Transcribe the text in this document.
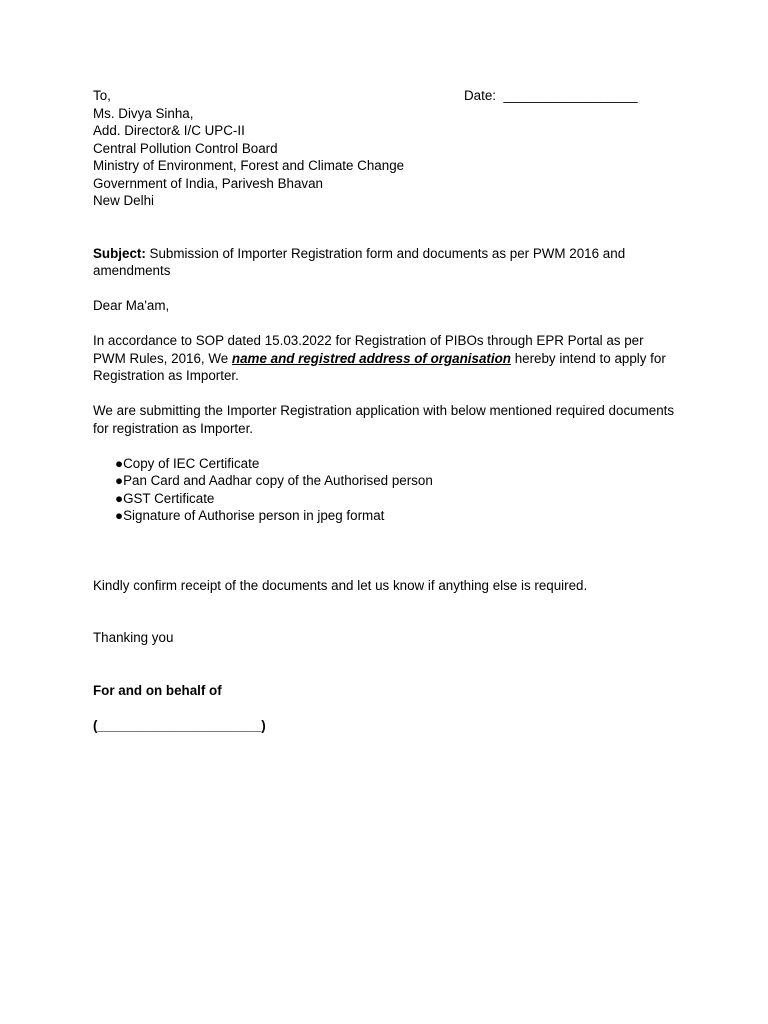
To,	Date: __________________
Ms. Divya Sinha,
Add. Director& I/C UPC-II
Central Pollution Control Board
Ministry of Environment, Forest and Climate Change
Government of India, Parivesh Bhavan
New Delhi
Subject: Submission of Importer Registration form and documents as per PWM 2016 and amendments
Dear Ma'am,
In accordance to SOP dated 15.03.2022 for Registration of PIBOs through EPR Portal as per PWM Rules, 2016, We name and registred address of organisation hereby intend to apply for Registration as Importer.
We are submitting the Importer Registration application with below mentioned required documents for registration as Importer.
●Copy of IEC Certificate
●Pan Card and Aadhar copy of the Authorised person
●GST Certificate
●Signature of Authorise person in jpeg format
Kindly confirm receipt of the documents and let us know if anything else is required.
Thanking you
For and on behalf of
(______________________)
